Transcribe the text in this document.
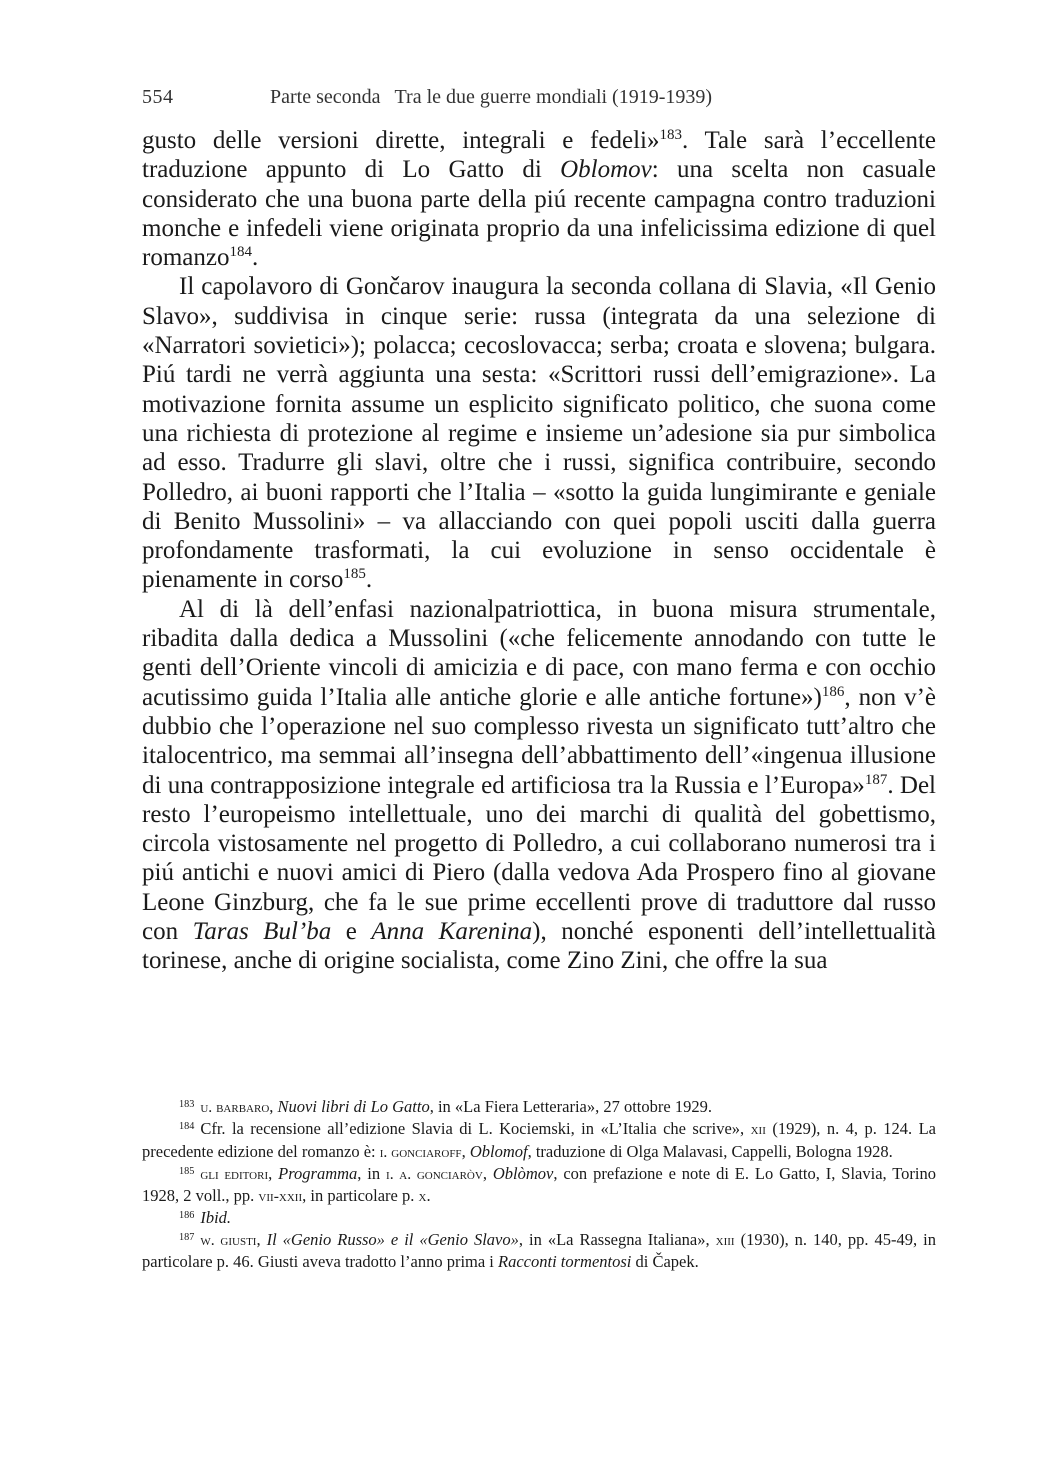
554	Parte seconda Tra le due guerre mondiali (1919-1939)

gusto delle versioni dirette, integrali e fedeli»$^{183}$. Tale sarà l’eccellente traduzione appunto di Lo Gatto di Oblomov: una scelta non casuale considerato che una buona parte della piú recente campagna contro traduzioni monche e infedeli viene originata proprio da una infelicissima edizione di quel romanzo$^{184}$.

Il capolavoro di Gončarov inaugura la seconda collana di Slavia, «Il Genio Slavo», suddivisa in cinque serie: russa (integrata da una selezione di «Narratori sovietici»); polacca; cecoslovacca; serba; croata e slovena; bulgara. Piú tardi ne verrà aggiunta una sesta: «Scrittori russi dell’emigrazione». La motivazione fornita assume un esplicito significato politico, che suona come una richiesta di protezione al regime e insieme un’adesione sia pur simbolica ad esso. Tradurre gli slavi, oltre che i russi, significa contribuire, secondo Polledro, ai buoni rapporti che l’Italia – «sotto la guida lungimirante e geniale di Benito Mussolini» – va allacciando con quei popoli usciti dalla guerra profondamente trasformati, la cui evoluzione in senso occidentale è pienamente in corso$^{185}$.

Al di là dell’enfasi nazionalpatriottica, in buona misura strumentale, ribadita dalla dedica a Mussolini («che felicemente annodando con tutte le genti dell’Oriente vincoli di amicizia e di pace, con mano ferma e con occhio acutissimo guida l’Italia alle antiche glorie e alle antiche fortune»)$^{186}$, non v’è dubbio che l’operazione nel suo complesso rivesta un significato tutt’altro che italocentrico, ma semmai all’insegna dell’abbattimento dell’«ingenua illusione di una contrapposizione integrale ed artificiosa tra la Russia e l’Europa»$^{187}$. Del resto l’europeismo intellettuale, uno dei marchi di qualità del gobettismo, circola vistosamente nel progetto di Polledro, a cui collaborano numerosi tra i piú antichi e nuovi amici di Piero (dalla vedova Ada Prospero fino al giovane Leone Ginzburg, che fa le sue prime eccellenti prove di traduttore dal russo con Taras Bul’ba e Anna Karenina), nonché esponenti dell’intellettualità torinese, anche di origine socialista, come Zino Zini, che offre la sua

$^{183}$ u. barbaro, Nuovi libri di Lo Gatto, in «La Fiera Letteraria», 27 ottobre 1929.

$^{184}$ Cfr. la recensione all’edizione Slavia di L. Kociemski, in «L’Italia che scrive», xii (1929), n. 4, p. 124. La precedente edizione del romanzo è: i. gonciaroff, Oblomof, traduzione di Olga Malavasi, Cappelli, Bologna 1928.

$^{185}$ gli editori, Programma, in i. a. gonciaròv, Oblòmov, con prefazione e note di E. Lo Gatto, I, Slavia, Torino 1928, 2 voll., pp. vii-xxii, in particolare p. x.

$^{186}$ Ibid.

$^{187}$ w. giusti, Il «Genio Russo» e il «Genio Slavo», in «La Rassegna Italiana», xiii (1930), n. 140, pp. 45-49, in particolare p. 46. Giusti aveva tradotto l’anno prima i Racconti tormentosi di Čapek.
